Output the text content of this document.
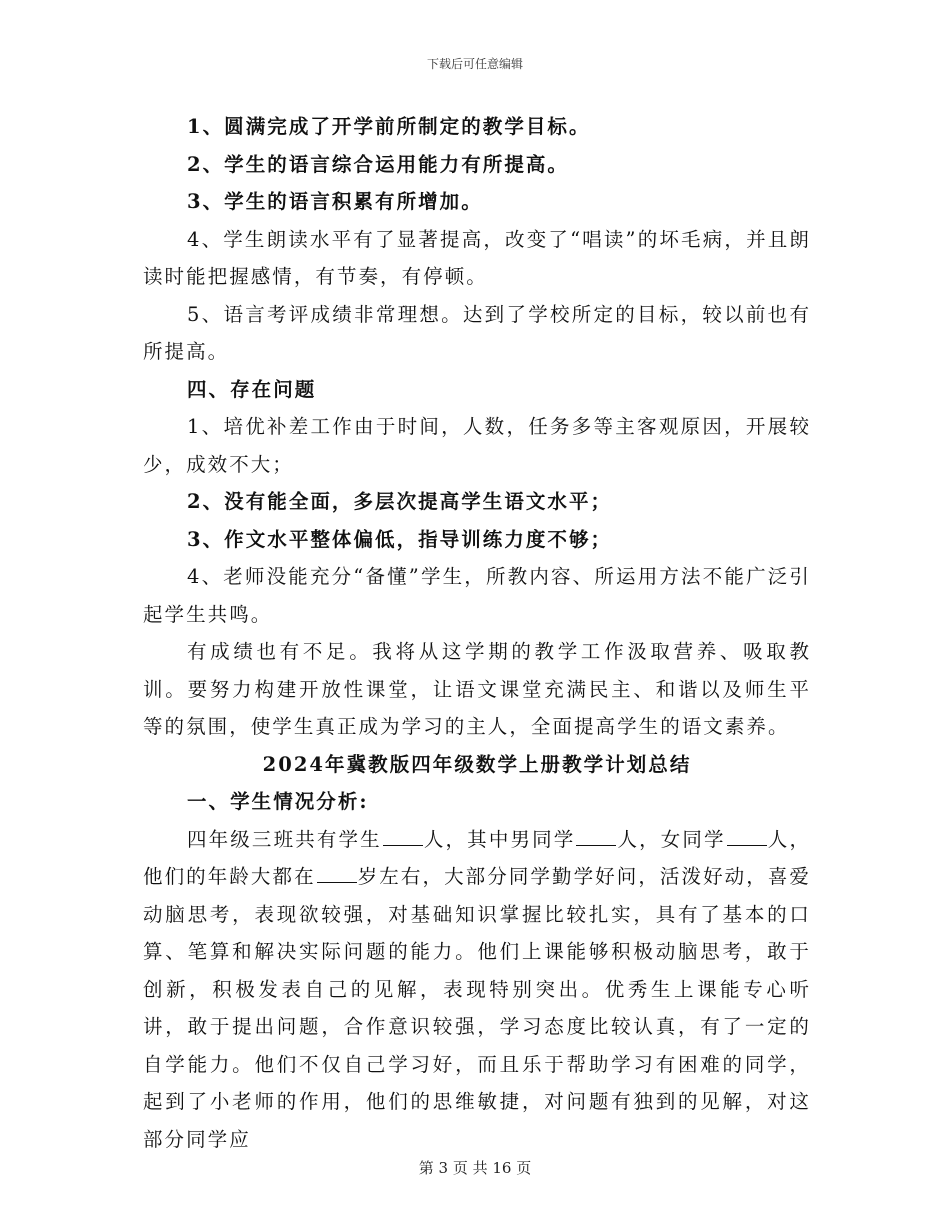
下载后可任意编辑

1、圆满完成了开学前所制定的教学目标。

2、学生的语言综合运用能力有所提高。

3、学生的语言积累有所增加。

4、学生朗读水平有了显著提高，改变了“唱读”的坏毛病，并且朗读时能把握感情，有节奏，有停顿。

5、语言考评成绩非常理想。达到了学校所定的目标，较以前也有所提高。

四、存在问题

1、培优补差工作由于时间，人数，任务多等主客观原因，开展较少，成效不大；

2、没有能全面，多层次提高学生语文水平；

3、作文水平整体偏低，指导训练力度不够；

4、老师没能充分“备懂”学生，所教内容、所运用方法不能广泛引起学生共鸣。

有成绩也有不足。我将从这学期的教学工作汲取营养、吸取教训。要努力构建开放性课堂，让语文课堂充满民主、和谐以及师生平等的氛围，使学生真正成为学习的主人，全面提高学生的语文素养。

2024年冀教版四年级数学上册教学计划总结

一、学生情况分析:

四年级三班共有学生 人，其中男同学 人，女同学 人，他们的年龄大都在 岁左右，大部分同学勤学好问，活泼好动，喜爱动脑思考，表现欲较强，对基础知识掌握比较扎实，具有了基本的口算、笔算和解决实际问题的能力。他们上课能够积极动脑思考，敢于创新，积极发表自己的见解，表现特别突出。优秀生上课能专心听讲，敢于提出问题，合作意识较强，学习态度比较认真，有了一定的自学能力。他们不仅自己学习好，而且乐于帮助学习有困难的同学，起到了小老师的作用，他们的思维敏捷，对问题有独到的见解，对这部分同学应

第 3 页 共 16 页
